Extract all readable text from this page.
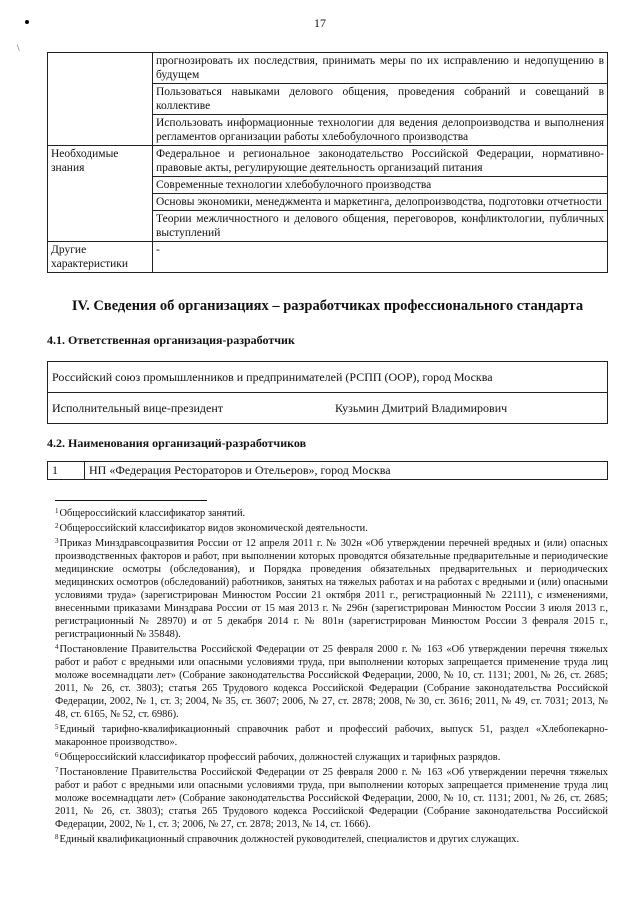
\
17
	прогнозировать их последствия, принимать меры по их исправлению и недопущению в будущем
	Пользоваться навыками делового общения, проведения собраний и совещаний в коллективе
	Использовать информационные технологии для ведения делопроизводства и выполнения регламентов организации работы хлебобулочного производства
Необходимые знания	Федеральное и региональное законодательство Российской Федерации, нормативно-правовые акты, регулирующие деятельность организаций питания
	Современные технологии хлебобулочного производства
	Основы экономики, менеджмента и маркетинга, делопроизводства, подготовки отчетности
	Теории межличностного и делового общения, переговоров, конфликтологии, публичных выступлений
Другие характеристики	-
IV. Сведения об организациях – разработчиках профессионального стандарта
4.1. Ответственная организация-разработчик
Российский союз промышленников и предпринимателей (РСПП (ООР), город Москва
Исполнительный вице-президент	Кузьмин Дмитрий Владимирович
4.2. Наименования организаций-разработчиков
1	НП «Федерация Рестораторов и Отельеров», город Москва

$^1$Общероссийский классификатор занятий.

$^2$Общероссийский классификатор видов экономической деятельности.

$^3$Приказ Минздравсоцразвития России от 12 апреля 2011 г. № 302н «Об утверждении перечней вредных и (или) опасных производственных факторов и работ, при выполнении которых проводятся обязательные предварительные и периодические медицинские осмотры (обследования), и Порядка проведения обязательных предварительных и периодических медицинских осмотров (обследований) работников, занятых на тяжелых работах и на работах с вредными и (или) опасными условиями труда» (зарегистрирован Минюстом России 21 октября 2011 г., регистрационный № 22111), с изменениями, внесенными приказами Минздрава России от 15 мая 2013 г. № 296н (зарегистрирован Минюстом России 3 июля 2013 г., регистрационный № 28970) и от 5 декабря 2014 г. № 801н (зарегистрирован Минюстом России 3 февраля 2015 г., регистрационный № 35848).

$^4$Постановление Правительства Российской Федерации от 25 февраля 2000 г. № 163 «Об утверждении перечня тяжелых работ и работ с вредными или опасными условиями труда, при выполнении которых запрещается применение труда лиц моложе восемнадцати лет» (Собрание законодательства Российской Федерации, 2000, № 10, ст. 1131; 2001, № 26, ст. 2685; 2011, № 26, ст. 3803); статья 265 Трудового кодекса Российской Федерации (Собрание законодательства Российской Федерации, 2002, № 1, ст. 3; 2004, № 35, ст. 3607; 2006, № 27, ст. 2878; 2008, № 30, ст. 3616; 2011, № 49, ст. 7031; 2013, № 48, ст. 6165, № 52, ст. 6986).

$^5$Единый тарифно-квалификационный справочник работ и профессий рабочих, выпуск 51, раздел «Хлебопекарно-макаронное производство».

$^6$Общероссийский классификатор профессий рабочих, должностей служащих и тарифных разрядов.

$^7$Постановление Правительства Российской Федерации от 25 февраля 2000 г. № 163 «Об утверждении перечня тяжелых работ и работ с вредными или опасными условиями труда, при выполнении которых запрещается применение труда лиц моложе восемнадцати лет» (Собрание законодательства Российской Федерации, 2000, № 10, ст. 1131; 2001, № 26, ст. 2685; 2011, № 26, ст. 3803); статья 265 Трудового кодекса Российской Федерации (Собрание законодательства Российской Федерации, 2002, № 1, ст. 3; 2006, № 27, ст. 2878; 2013, № 14, ст. 1666).

$^8$Единый квалификационный справочник должностей руководителей, специалистов и других служащих.
